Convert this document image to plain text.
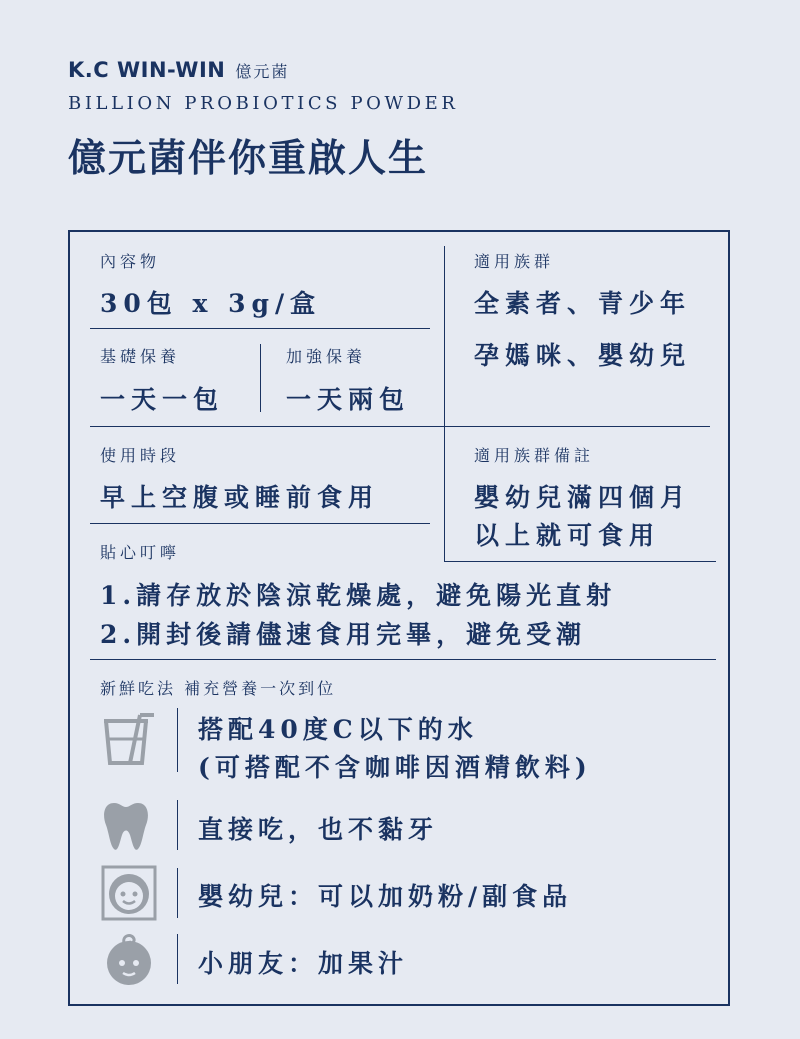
K.C WIN-WIN 億元菌
BILLION PROBIOTICS POWDER
億元菌伴你重啟人生
內容物
30包 x 3g/盒
適用族群
全素者、青少年
孕媽咪、嬰幼兒
基礎保養
一天一包
加強保養
一天兩包
使用時段
早上空腹或睡前食用
適用族群備註
嬰幼兒滿四個月
以上就可食用
貼心叮嚀
1.請存放於陰涼乾燥處，避免陽光直射
2.開封後請儘速食用完畢，避免受潮
新鮮吃法 補充營養一次到位
搭配40度C以下的水
(可搭配不含咖啡因酒精飲料)
直接吃，也不黏牙
嬰幼兒：可以加奶粉/副食品
小朋友：加果汁
